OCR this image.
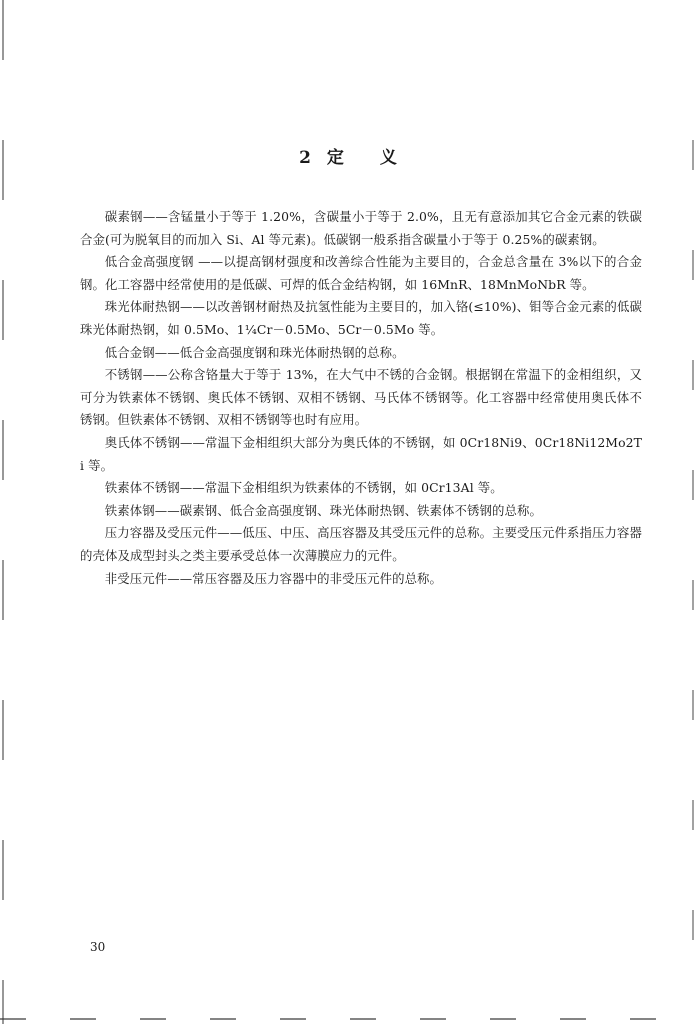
2 定 义

碳素钢——含锰量小于等于 1.20%，含碳量小于等于 2.0%，且无有意添加其它合金元素的铁碳合金(可为脱氧目的而加入 Si、Al 等元素)。低碳钢一般系指含碳量小于等于 0.25%的碳素钢。

低合金高强度钢 ——以提高钢材强度和改善综合性能为主要目的，合金总含量在 3%以下的合金钢。化工容器中经常使用的是低碳、可焊的低合金结构钢，如 16MnR、18MnMoNbR 等。

珠光体耐热钢——以改善钢材耐热及抗氢性能为主要目的，加入铬(≤10%)、钼等合金元素的低碳珠光体耐热钢，如 0.5Mo、1¼Cr－0.5Mo、5Cr－0.5Mo 等。

低合金钢——低合金高强度钢和珠光体耐热钢的总称。

不锈钢——公称含铬量大于等于 13%，在大气中不锈的合金钢。根据钢在常温下的金相组织，又可分为铁素体不锈钢、奥氏体不锈钢、双相不锈钢、马氏体不锈钢等。化工容器中经常使用奥氏体不锈钢。但铁素体不锈钢、双相不锈钢等也时有应用。

奥氏体不锈钢——常温下金相组织大部分为奥氏体的不锈钢，如 0Cr18Ni9、0Cr18Ni12Mo2Ti 等。

铁素体不锈钢——常温下金相组织为铁素体的不锈钢，如 0Cr13Al 等。

铁素体钢——碳素钢、低合金高强度钢、珠光体耐热钢、铁素体不锈钢的总称。

压力容器及受压元件——低压、中压、高压容器及其受压元件的总称。主要受压元件系指压力容器的壳体及成型封头之类主要承受总体一次薄膜应力的元件。

非受压元件——常压容器及压力容器中的非受压元件的总称。

30
